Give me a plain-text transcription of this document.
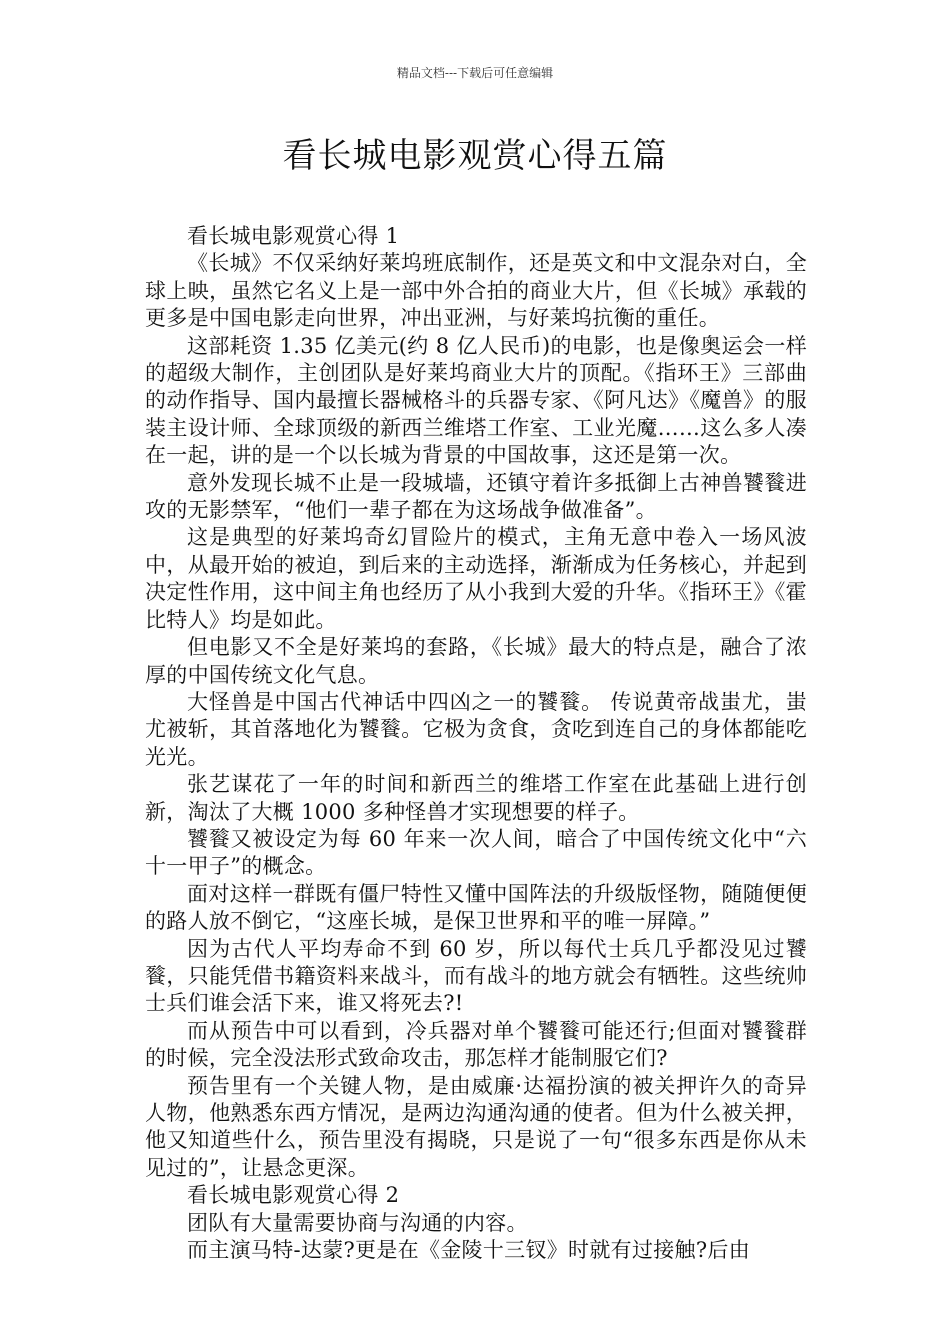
精品文档---下载后可任意编辑
看长城电影观赏心得五篇

看长城电影观赏心得 1

《长城》不仅采纳好莱坞班底制作，还是英文和中文混杂对白，全球上映，虽然它名义上是一部中外合拍的商业大片，但《长城》承载的更多是中国电影走向世界，冲出亚洲，与好莱坞抗衡的重任。

这部耗资 1.35 亿美元(约 8 亿人民币)的电影，也是像奥运会一样的超级大制作，主创团队是好莱坞商业大片的顶配。《指环王》三部曲的动作指导、国内最擅长器械格斗的兵器专家、《阿凡达》《魔兽》的服装主设计师、全球顶级的新西兰维塔工作室、工业光魔……这么多人凑在一起，讲的是一个以长城为背景的中国故事，这还是第一次。

意外发现长城不止是一段城墙，还镇守着许多抵御上古神兽饕餮进攻的无影禁军，“他们一辈子都在为这场战争做准备”。

这是典型的好莱坞奇幻冒险片的模式，主角无意中卷入一场风波中，从最开始的被迫，到后来的主动选择，渐渐成为任务核心，并起到决定性作用，这中间主角也经历了从小我到大爱的升华。《指环王》《霍比特人》均是如此。

但电影又不全是好莱坞的套路，《长城》最大的特点是，融合了浓厚的中国传统文化气息。

大怪兽是中国古代神话中四凶之一的饕餮。 传说黄帝战蚩尤，蚩尤被斩，其首落地化为饕餮。它极为贪食，贪吃到连自己的身体都能吃光光。

张艺谋花了一年的时间和新西兰的维塔工作室在此基础上进行创新，淘汰了大概 1000 多种怪兽才实现想要的样子。

饕餮又被设定为每 60 年来一次人间，暗合了中国传统文化中“六十一甲子”的概念。

面对这样一群既有僵尸特性又懂中国阵法的升级版怪物，随随便便的路人放不倒它，“这座长城，是保卫世界和平的唯一屏障。”

因为古代人平均寿命不到 60 岁，所以每代士兵几乎都没见过饕餮，只能凭借书籍资料来战斗，而有战斗的地方就会有牺牲。这些统帅士兵们谁会活下来，谁又将死去?!

而从预告中可以看到，冷兵器对单个饕餮可能还行;但面对饕餮群的时候，完全没法形式致命攻击，那怎样才能制服它们?

预告里有一个关键人物，是由威廉·达福扮演的被关押许久的奇异人物，他熟悉东西方情况，是两边沟通沟通的使者。但为什么被关押，他又知道些什么，预告里没有揭晓，只是说了一句“很多东西是你从未见过的”，让悬念更深。

看长城电影观赏心得 2

团队有大量需要协商与沟通的内容。

而主演马特-达蒙?更是在《金陵十三钗》时就有过接触?后由
